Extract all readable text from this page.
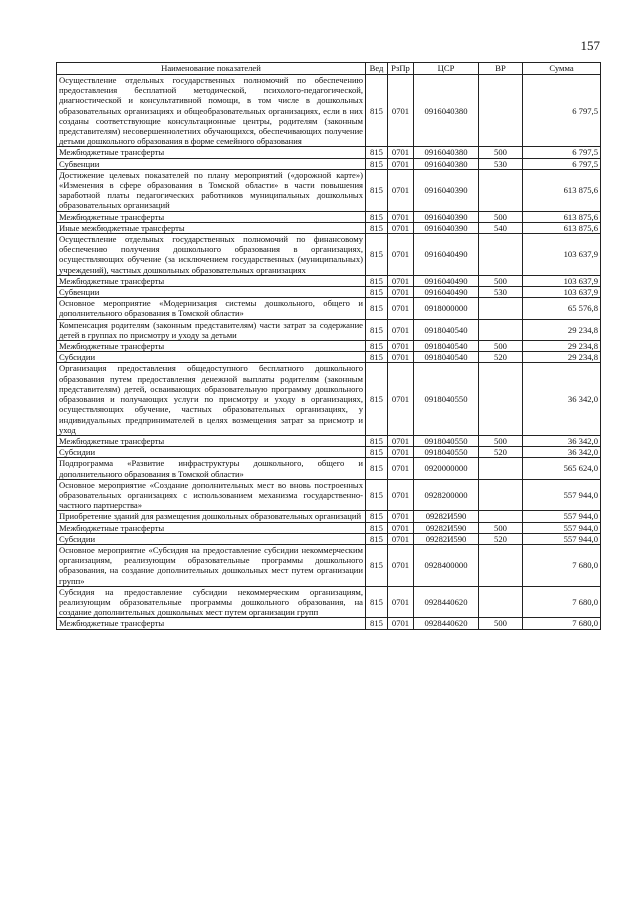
157
Наименование показателей	Вед	РзПр	ЦСР	ВР	Сумма
Осуществление отдельных государственных полномочий по обеспечению предоставления бесплатной методической, психолого-педагогической, диагностической и консультативной помощи, в том числе в дошкольных образовательных организациях и общеобразовательных организациях, если в них созданы соответствующие консультационные центры, родителям (законным представителям) несовершеннолетних обучающихся, обеспечивающих получение детьми дошкольного образования в форме семейного образования	815	0701	0916040380		6 797,5
Межбюджетные трансферты	815	0701	0916040380	500	6 797,5
Субвенции	815	0701	0916040380	530	6 797,5
Достижение целевых показателей по плану мероприятий («дорожной карте») «Изменения в сфере образования в Томской области» в части повышения заработной платы педагогических работников муниципальных дошкольных образовательных организаций	815	0701	0916040390		613 875,6
Межбюджетные трансферты	815	0701	0916040390	500	613 875,6
Иные межбюджетные трансферты	815	0701	0916040390	540	613 875,6
Осуществление отдельных государственных полномочий по финансовому обеспечению получения дошкольного образования в организациях, осуществляющих обучение (за исключением государственных (муниципальных) учреждений), частных дошкольных образовательных организациях	815	0701	0916040490		103 637,9
Межбюджетные трансферты	815	0701	0916040490	500	103 637,9
Субвенции	815	0701	0916040490	530	103 637,9
Основное мероприятие «Модернизация системы дошкольного, общего и дополнительного образования в Томской области»	815	0701	0918000000		65 576,8
Компенсация родителям (законным представителям) части затрат за содержание детей в группах по присмотру и уходу за детьми	815	0701	0918040540		29 234,8
Межбюджетные трансферты	815	0701	0918040540	500	29 234,8
Субсидии	815	0701	0918040540	520	29 234,8
Организация предоставления общедоступного бесплатного дошкольного образования путем предоставления денежной выплаты родителям (законным представителям) детей, осваивающих образовательную программу дошкольного образования и получающих услуги по присмотру и уходу в организациях, осуществляющих обучение, частных образовательных организациях, у индивидуальных предпринимателей в целях возмещения затрат за присмотр и уход	815	0701	0918040550		36 342,0
Межбюджетные трансферты	815	0701	0918040550	500	36 342,0
Субсидии	815	0701	0918040550	520	36 342,0
Подпрограмма «Развитие инфраструктуры дошкольного, общего и дополнительного образования в Томской области»	815	0701	0920000000		565 624,0
Основное мероприятие «Создание дополнительных мест во вновь построенных образовательных организациях с использованием механизма государственно-частного партнерства»	815	0701	0928200000		557 944,0
Приобретение зданий для размещения дошкольных образовательных организаций	815	0701	09282И590		557 944,0
Межбюджетные трансферты	815	0701	09282И590	500	557 944,0
Субсидии	815	0701	09282И590	520	557 944,0
Основное мероприятие «Субсидия на предоставление субсидии некоммерческим организациям, реализующим образовательные программы дошкольного образования, на создание дополнительных дошкольных мест путем организации групп»	815	0701	0928400000		7 680,0
Субсидия на предоставление субсидии некоммерческим организациям, реализующим образовательные программы дошкольного образования, на создание дополнительных дошкольных мест путем организации групп	815	0701	0928440620		7 680,0
Межбюджетные трансферты	815	0701	0928440620	500	7 680,0
